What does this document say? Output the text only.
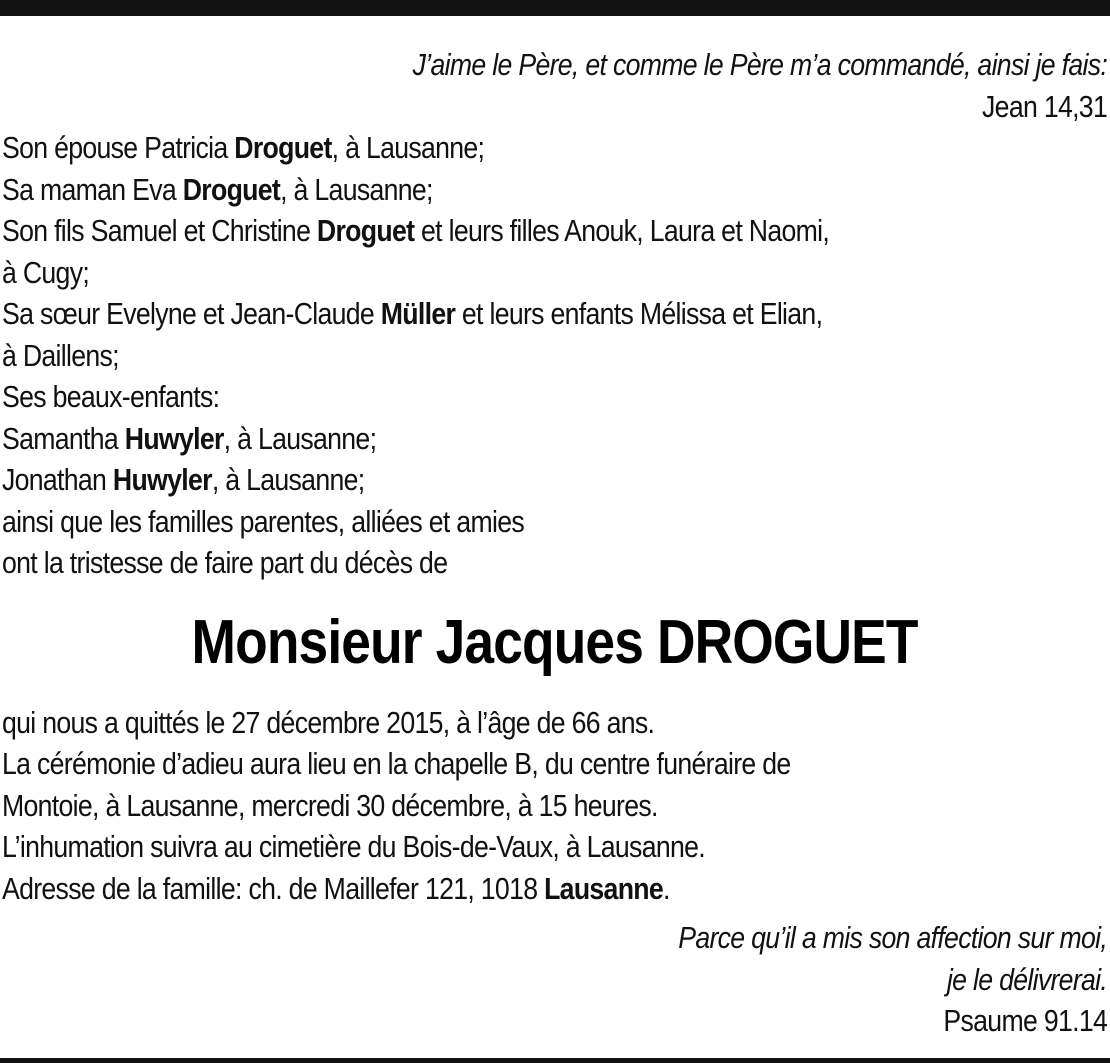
J’aime le Père, et comme le Père m’a commandé, ainsi je fais:
Jean 14,31
Son épouse Patricia Droguet, à Lausanne;
Sa maman Eva Droguet, à Lausanne;
Son fils Samuel et Christine Droguet et leurs filles Anouk, Laura et Naomi,
à Cugy;
Sa sœur Evelyne et Jean-Claude Müller et leurs enfants Mélissa et Elian,
à Daillens;
Ses beaux-enfants:
Samantha Huwyler, à Lausanne;
Jonathan Huwyler, à Lausanne;
ainsi que les familles parentes, alliées et amies
ont la tristesse de faire part du décès de
Monsieur Jacques DROGUET
qui nous a quittés le 27 décembre 2015, à l’âge de 66 ans.
La cérémonie d’adieu aura lieu en la chapelle B, du centre funéraire de
Montoie, à Lausanne, mercredi 30 décembre, à 15 heures.
L’inhumation suivra au cimetière du Bois-de-Vaux, à Lausanne.
Adresse de la famille: ch. de Maillefer 121, 1018 Lausanne.
Parce qu’il a mis son affection sur moi,
je le délivrerai.
Psaume 91.14
